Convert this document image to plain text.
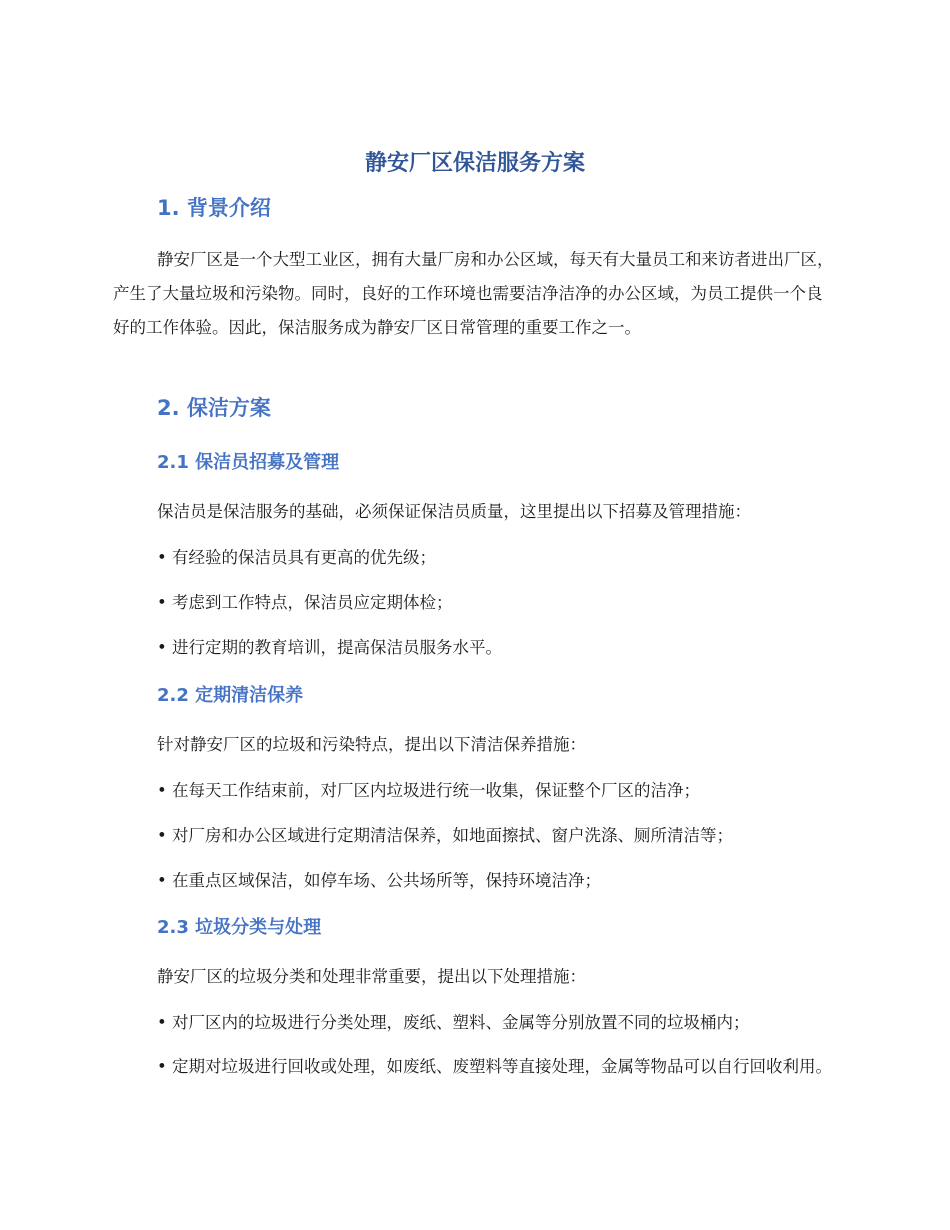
静安厂区保洁服务方案
1. 背景介绍

静安厂区是一个大型工业区，拥有大量厂房和办公区域，每天有大量员工和来访者进出厂区，产生了大量垃圾和污染物。同时，良好的工作环境也需要洁净洁净的办公区域，为员工提供一个良好的工作体验。因此，保洁服务成为静安厂区日常管理的重要工作之一。

2. 保洁方案
2.1 保洁员招募及管理

保洁员是保洁服务的基础，必须保证保洁员质量，这里提出以下招募及管理措施：

• 有经验的保洁员具有更高的优先级；

• 考虑到工作特点，保洁员应定期体检；

• 进行定期的教育培训，提高保洁员服务水平。

2.2 定期清洁保养

针对静安厂区的垃圾和污染特点，提出以下清洁保养措施：

• 在每天工作结束前，对厂区内垃圾进行统一收集，保证整个厂区的洁净；

• 对厂房和办公区域进行定期清洁保养，如地面擦拭、窗户洗涤、厕所清洁等；

• 在重点区域保洁，如停车场、公共场所等，保持环境洁净；

2.3 垃圾分类与处理

静安厂区的垃圾分类和处理非常重要，提出以下处理措施：

• 对厂区内的垃圾进行分类处理，废纸、塑料、金属等分别放置不同的垃圾桶内；

• 定期对垃圾进行回收或处理，如废纸、废塑料等直接处理，金属等物品可以自行回收利用。
